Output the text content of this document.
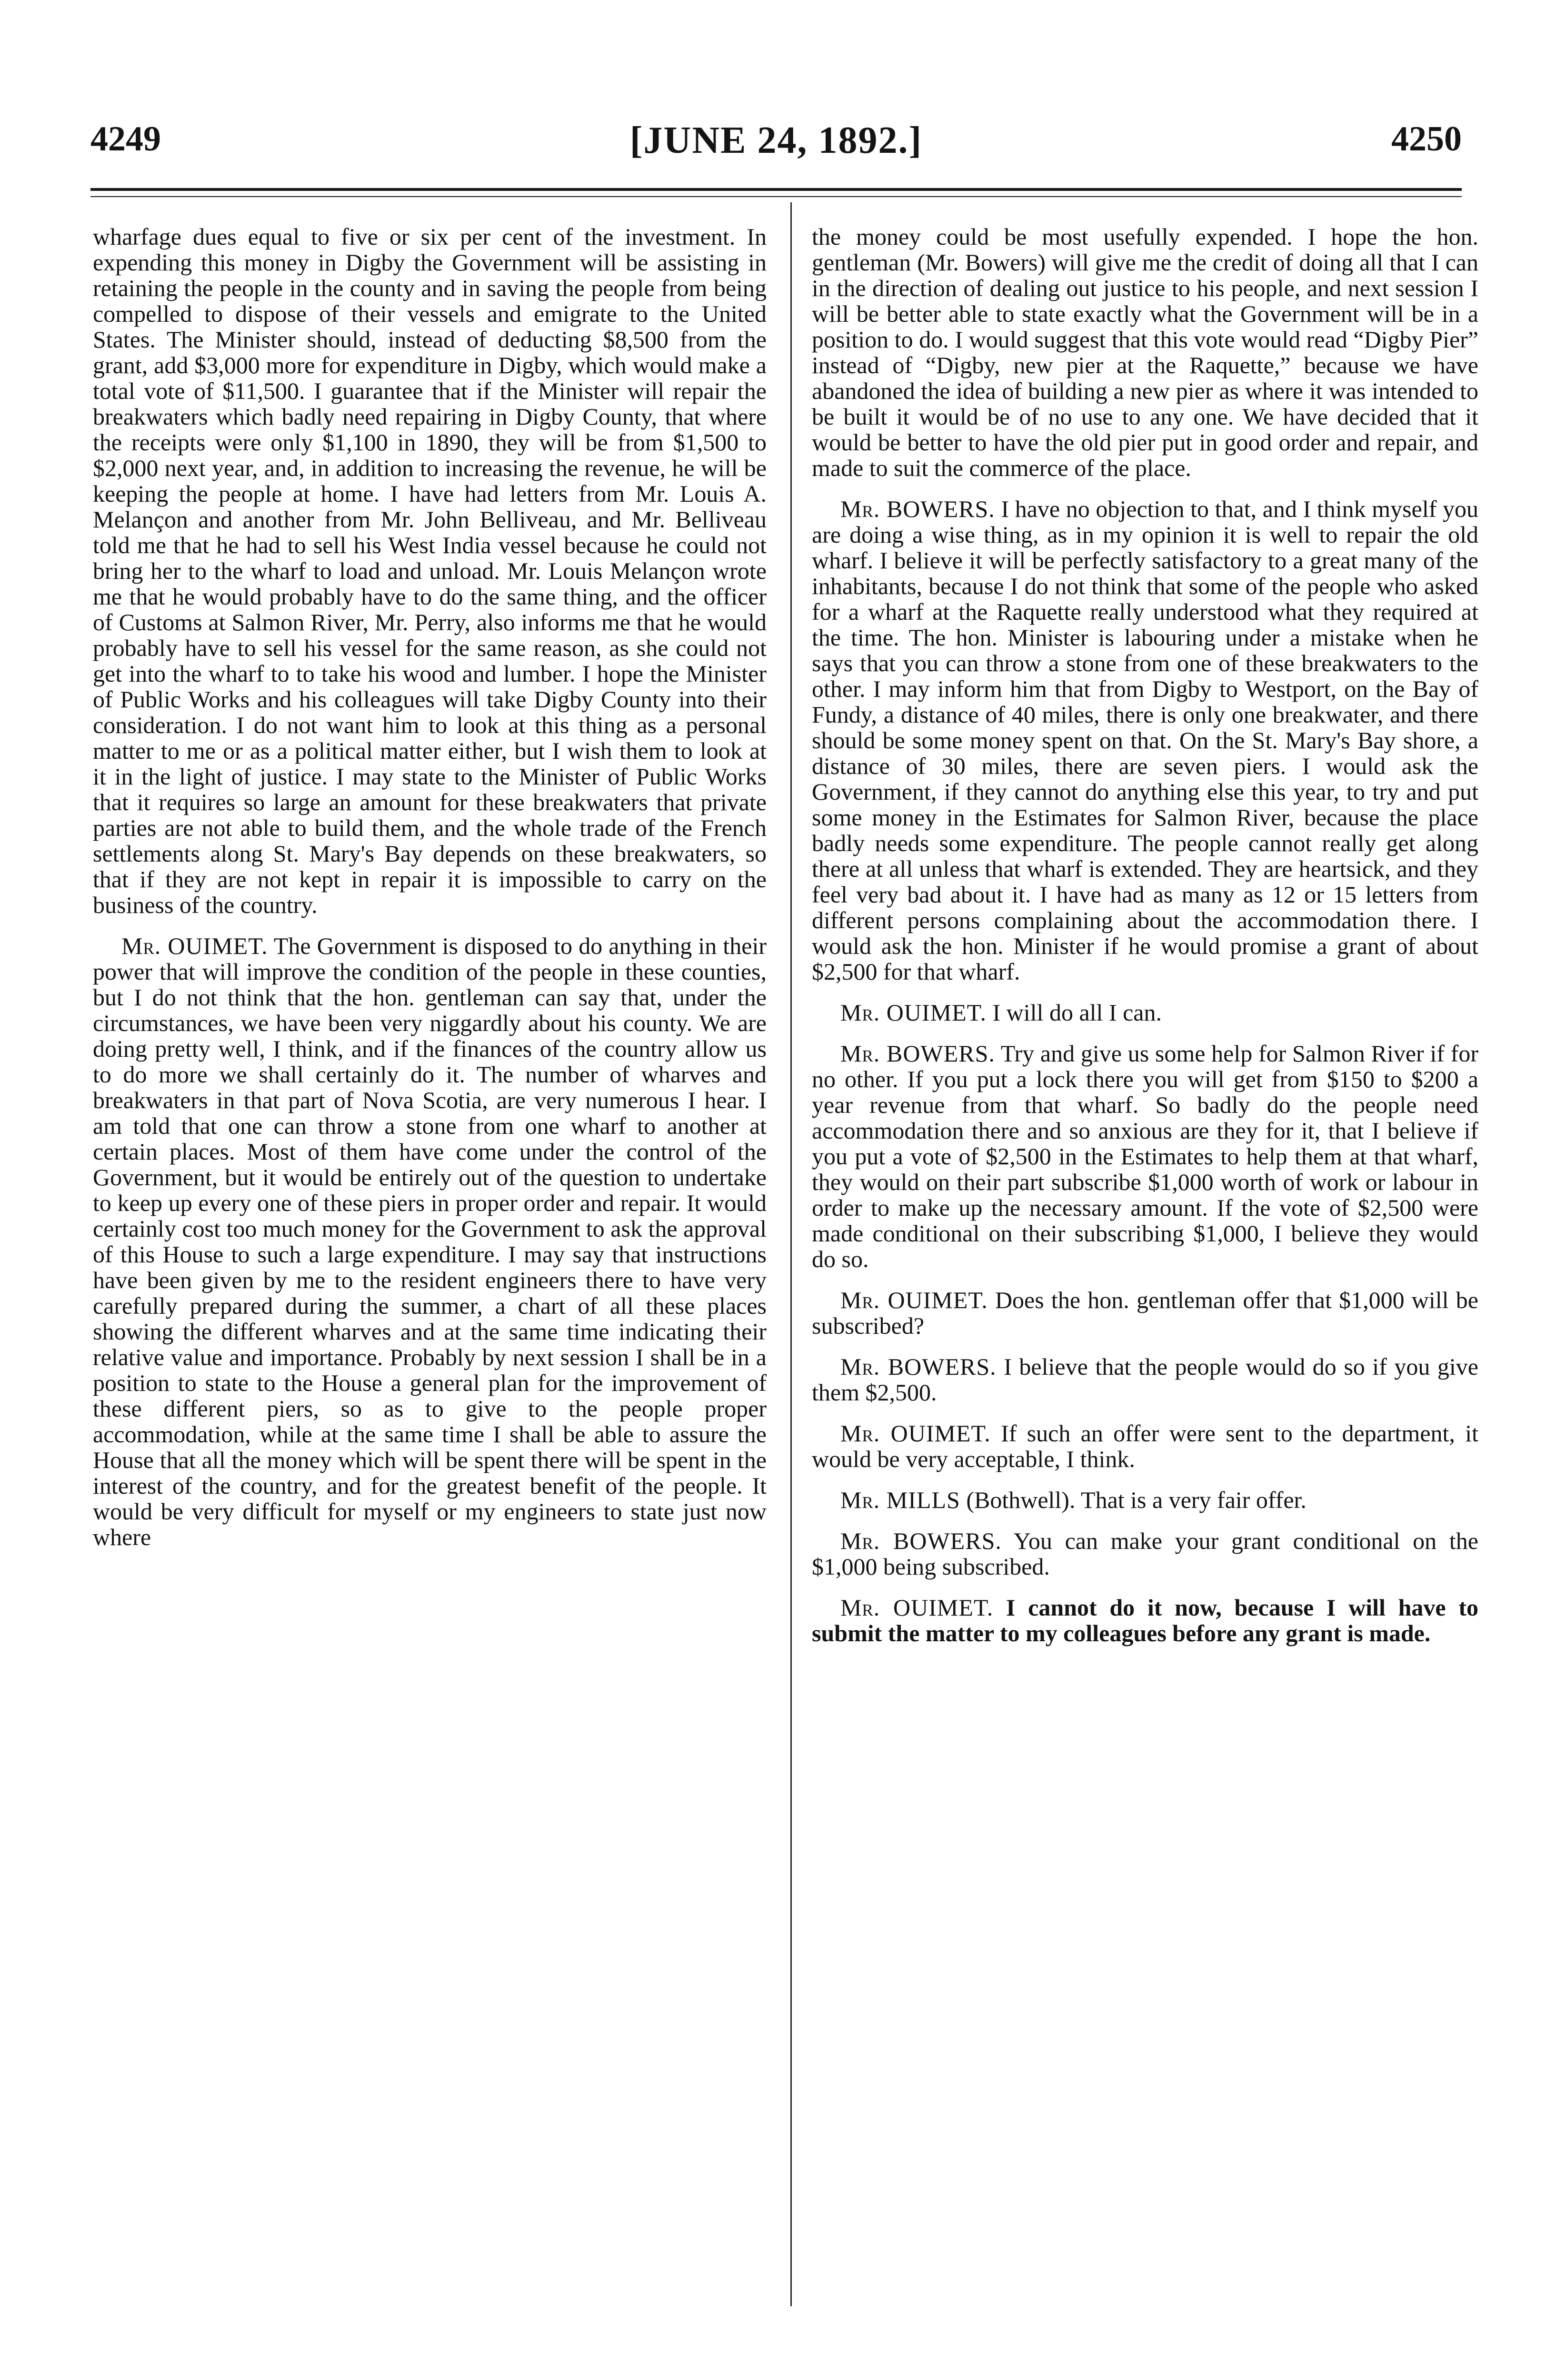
4249	[JUNE 24, 1892.]	4250

wharfage dues equal to five or six per cent of the investment. In expending this money in Digby the Government will be assisting in retaining the people in the county and in saving the people from being compelled to dispose of their vessels and emigrate to the United States. The Minister should, instead of deducting $8,500 from the grant, add $3,000 more for expenditure in Digby, which would make a total vote of $11,500. I guarantee that if the Minister will repair the breakwaters which badly need repairing in Digby County, that where the receipts were only $1,100 in 1890, they will be from $1,500 to $2,000 next year, and, in addition to increasing the revenue, he will be keeping the people at home. I have had letters from Mr. Louis A. Melançon and another from Mr. John Belliveau, and Mr. Belliveau told me that he had to sell his West India vessel because he could not bring her to the wharf to load and unload. Mr. Louis Melançon wrote me that he would probably have to do the same thing, and the officer of Customs at Salmon River, Mr. Perry, also informs me that he would probably have to sell his vessel for the same reason, as she could not get into the wharf to to take his wood and lumber. I hope the Minister of Public Works and his colleagues will take Digby County into their consideration. I do not want him to look at this thing as a personal matter to me or as a political matter either, but I wish them to look at it in the light of justice. I may state to the Minister of Public Works that it requires so large an amount for these breakwaters that private parties are not able to build them, and the whole trade of the French settlements along St. Mary's Bay depends on these breakwaters, so that if they are not kept in repair it is impossible to carry on the business of the country.

Mr. OUIMET. The Government is disposed to do anything in their power that will improve the condition of the people in these counties, but I do not think that the hon. gentleman can say that, under the circumstances, we have been very niggardly about his county. We are doing pretty well, I think, and if the finances of the country allow us to do more we shall certainly do it. The number of wharves and breakwaters in that part of Nova Scotia, are very numerous I hear. I am told that one can throw a stone from one wharf to another at certain places. Most of them have come under the control of the Government, but it would be entirely out of the question to undertake to keep up every one of these piers in proper order and repair. It would certainly cost too much money for the Government to ask the approval of this House to such a large expenditure. I may say that instructions have been given by me to the resident engineers there to have very carefully prepared during the summer, a chart of all these places showing the different wharves and at the same time indicating their relative value and importance. Probably by next session I shall be in a position to state to the House a general plan for the improvement of these different piers, so as to give to the people proper accommodation, while at the same time I shall be able to assure the House that all the money which will be spent there will be spent in the interest of the country, and for the greatest benefit of the people. It would be very difficult for myself or my engineers to state just now where

the money could be most usefully expended. I hope the hon. gentleman (Mr. Bowers) will give me the credit of doing all that I can in the direction of dealing out justice to his people, and next session I will be better able to state exactly what the Government will be in a position to do. I would suggest that this vote would read “Digby Pier” instead of “Digby, new pier at the Raquette,” because we have abandoned the idea of building a new pier as where it was intended to be built it would be of no use to any one. We have decided that it would be better to have the old pier put in good order and repair, and made to suit the commerce of the place.

Mr. BOWERS. I have no objection to that, and I think myself you are doing a wise thing, as in my opinion it is well to repair the old wharf. I believe it will be perfectly satisfactory to a great many of the inhabitants, because I do not think that some of the people who asked for a wharf at the Raquette really understood what they required at the time. The hon. Minister is labouring under a mistake when he says that you can throw a stone from one of these breakwaters to the other. I may inform him that from Digby to Westport, on the Bay of Fundy, a distance of 40 miles, there is only one breakwater, and there should be some money spent on that. On the St. Mary's Bay shore, a distance of 30 miles, there are seven piers. I would ask the Government, if they cannot do anything else this year, to try and put some money in the Estimates for Salmon River, because the place badly needs some expenditure. The people cannot really get along there at all unless that wharf is extended. They are heartsick, and they feel very bad about it. I have had as many as 12 or 15 letters from different persons complaining about the accommodation there. I would ask the hon. Minister if he would promise a grant of about $2,500 for that wharf.

Mr. OUIMET. I will do all I can.

Mr. BOWERS. Try and give us some help for Salmon River if for no other. If you put a lock there you will get from $150 to $200 a year revenue from that wharf. So badly do the people need accommodation there and so anxious are they for it, that I believe if you put a vote of $2,500 in the Estimates to help them at that wharf, they would on their part subscribe $1,000 worth of work or labour in order to make up the necessary amount. If the vote of $2,500 were made conditional on their subscribing $1,000, I believe they would do so.

Mr. OUIMET. Does the hon. gentleman offer that $1,000 will be subscribed?

Mr. BOWERS. I believe that the people would do so if you give them $2,500.

Mr. OUIMET. If such an offer were sent to the department, it would be very acceptable, I think.

Mr. MILLS (Bothwell). That is a very fair offer.

Mr. BOWERS. You can make your grant conditional on the $1,000 being subscribed.

Mr. OUIMET. I cannot do it now, because I will have to submit the matter to my colleagues before any grant is made.
